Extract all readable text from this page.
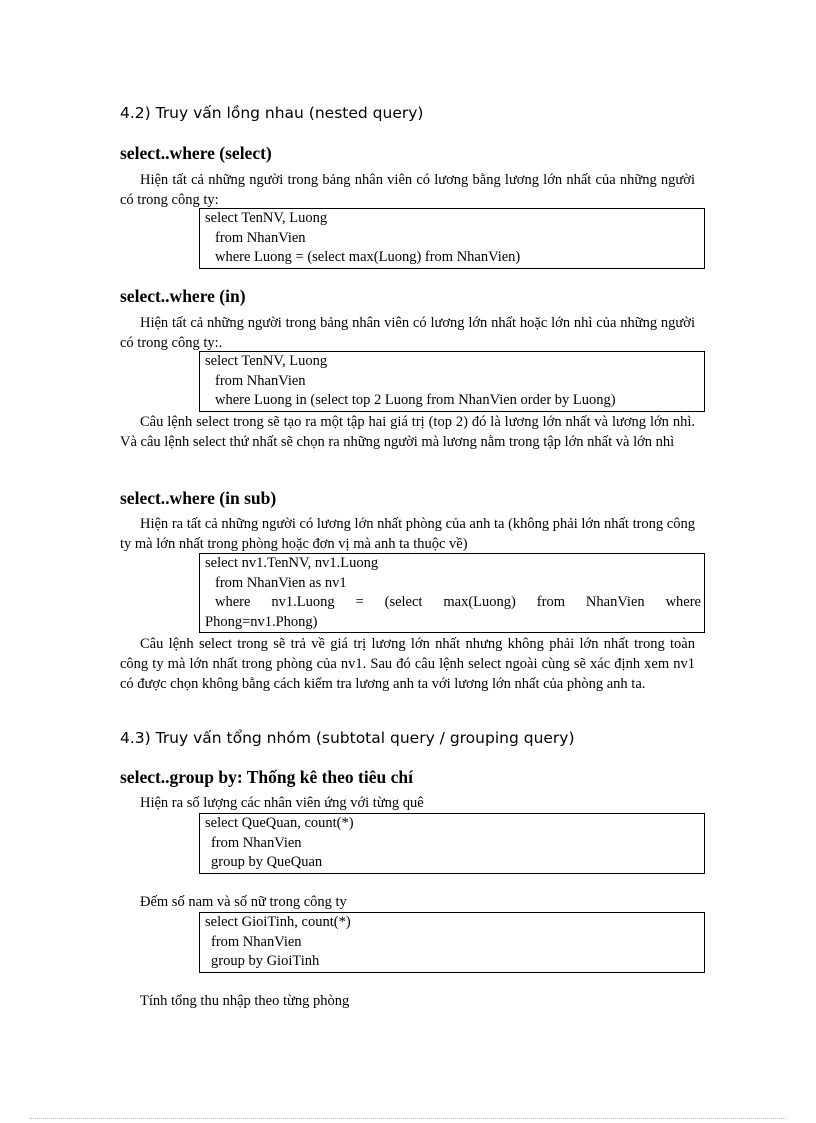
4.2) Truy vấn lồng nhau (nested query)
select..where (select)

Hiện tất cả những người trong bảng nhân viên có lương bằng lương lớn nhất của những người có trong công ty:

select TenNV, Luong
from NhanVien
where Luong = (select max(Luong) from NhanVien)
select..where (in)

Hiện tất cả những người trong bảng nhân viên có lương lớn nhất hoặc lớn nhì của những người có trong công ty:.

select TenNV, Luong
from NhanVien
where Luong in (select top 2 Luong from NhanVien order by Luong)

Câu lệnh select trong sẽ tạo ra một tập hai giá trị (top 2) đó là lương lớn nhất và lương lớn nhì. Và câu lệnh select thứ nhất sẽ chọn ra những người mà lương nằm trong tập lớn nhất và lớn nhì

select..where (in sub)

Hiện ra tất cả những người có lương lớn nhất phòng của anh ta (không phải lớn nhất trong công ty mà lớn nhất trong phòng hoặc đơn vị mà anh ta thuộc về)

select nv1.TenNV, nv1.Luong
from NhanVien as nv1
where nv1.Luong = (select max(Luong) from NhanVien where
Phong=nv1.Phong)

Câu lệnh select trong sẽ trả về giá trị lương lớn nhất nhưng không phải lớn nhất trong toàn công ty mà lớn nhất trong phòng của nv1. Sau đó câu lệnh select ngoài cùng sẽ xác định xem nv1 có được chọn không bằng cách kiểm tra lương anh ta với lương lớn nhất của phòng anh ta.

4.3) Truy vấn tổng nhóm (subtotal query / grouping query)
select..group by: Thống kê theo tiêu chí
Hiện ra số lượng các nhân viên ứng với từng quê
select QueQuan, count(*)
from NhanVien
group by QueQuan
Đếm số nam và số nữ trong công ty
select GioiTinh, count(*)
from NhanVien
group by GioiTinh
Tính tổng thu nhập theo từng phòng
